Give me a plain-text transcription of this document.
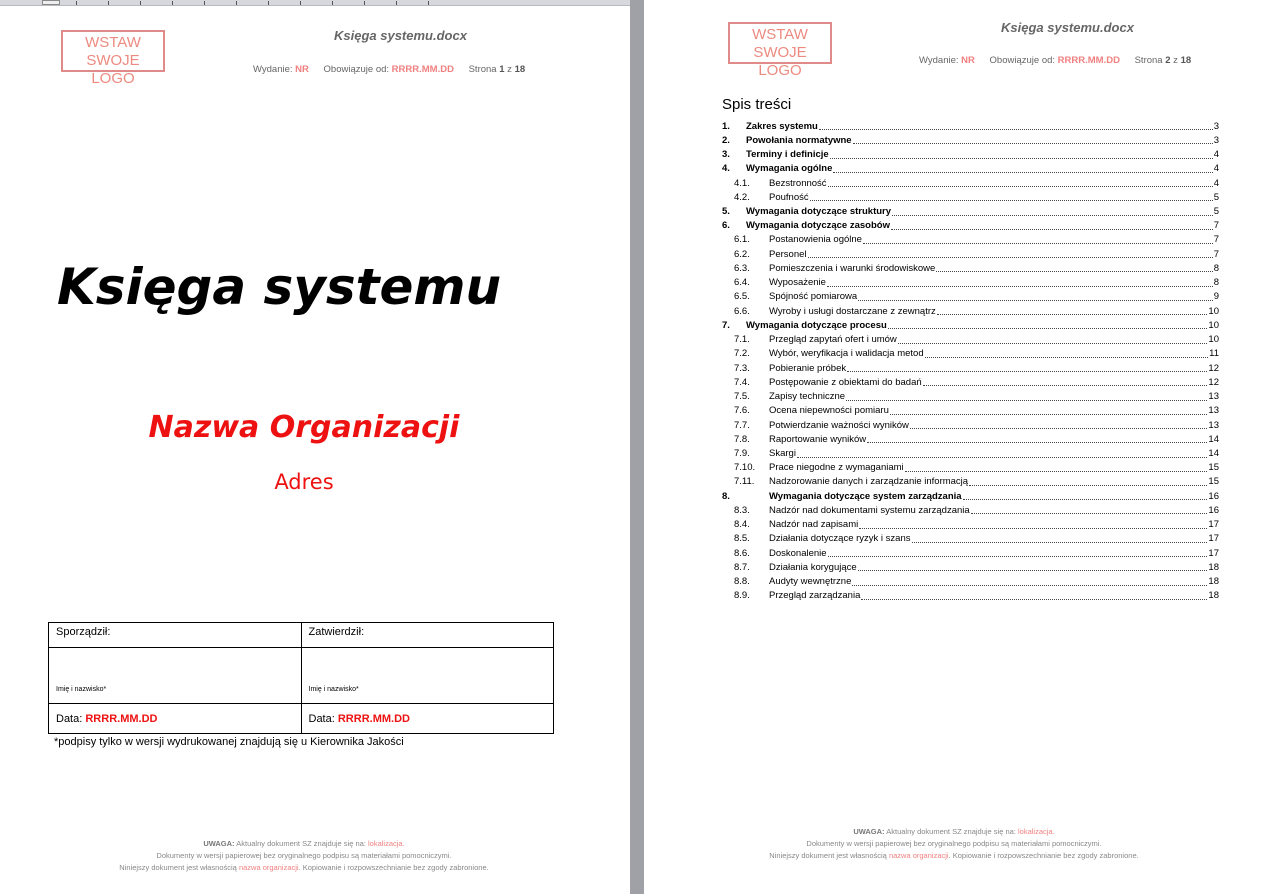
WSTAW SWOJE LOGO
Księga systemu.docx
Wydanie: NR Obowiązuje od: RRRR.MM.DD Strona 1 z 18
Księga systemu
Nazwa Organizacji
Adres
Sporządził:	Zatwierdził:
Imię i nazwisko*	Imię i nazwisko*
Data: RRRR.MM.DD	Data: RRRR.MM.DD
*podpisy tylko w wersji wydrukowanej znajdują się u Kierownika Jakości
UWAGA: Aktualny dokument SZ znajduje się na: lokalizacja.
Dokumenty w wersji papierowej bez oryginalnego podpisu są materiałami pomocniczymi.
Niniejszy dokument jest własnością nazwa organizacji. Kopiowanie i rozpowszechnianie bez zgody zabronione.
WSTAW SWOJE LOGO
Księga systemu.docx
Wydanie: NR Obowiązuje od: RRRR.MM.DD Strona 2 z 18
Spis treści
1.	Zakres systemu	3
2.	Powołania normatywne	3
3.	Terminy i definicje	4
4.	Wymagania ogólne	4
4.1.	Bezstronność	4
4.2.	Poufność	5
5.	Wymagania dotyczące struktury	5
6.	Wymagania dotyczące zasobów	7
6.1.	Postanowienia ogólne	7
6.2.	Personel	7
6.3.	Pomieszczenia i warunki środowiskowe	8
6.4.	Wyposażenie	8
6.5.	Spójność pomiarowa	9
6.6.	Wyroby i usługi dostarczane z zewnątrz	10
7.	Wymagania dotyczące procesu	10
7.1.	Przegląd zapytań ofert i umów	10
7.2.	Wybór, weryfikacja i walidacja metod	11
7.3.	Pobieranie próbek	12
7.4.	Postępowanie z obiektami do badań	12
7.5.	Zapisy techniczne	13
7.6.	Ocena niepewności pomiaru	13
7.7.	Potwierdzanie ważności wyników	13
7.8.	Raportowanie wyników	14
7.9.	Skargi	14
7.10.	Prace niegodne z wymaganiami	15
7.11.	Nadzorowanie danych i zarządzanie informacją	15
8.	Wymagania dotyczące system zarządzania	16
8.3.	Nadzór nad dokumentami systemu zarządzania	16
8.4.	Nadzór nad zapisami	17
8.5.	Działania dotyczące ryzyk i szans	17
8.6.	Doskonalenie	17
8.7.	Działania korygujące	18
8.8.	Audyty wewnętrzne	18
8.9.	Przegląd zarządzania	18
UWAGA: Aktualny dokument SZ znajduje się na: lokalizacja.
Dokumenty w wersji papierowej bez oryginalnego podpisu są materiałami pomocniczymi.
Niniejszy dokument jest własnością nazwa organizacji. Kopiowanie i rozpowszechnianie bez zgody zabronione.
